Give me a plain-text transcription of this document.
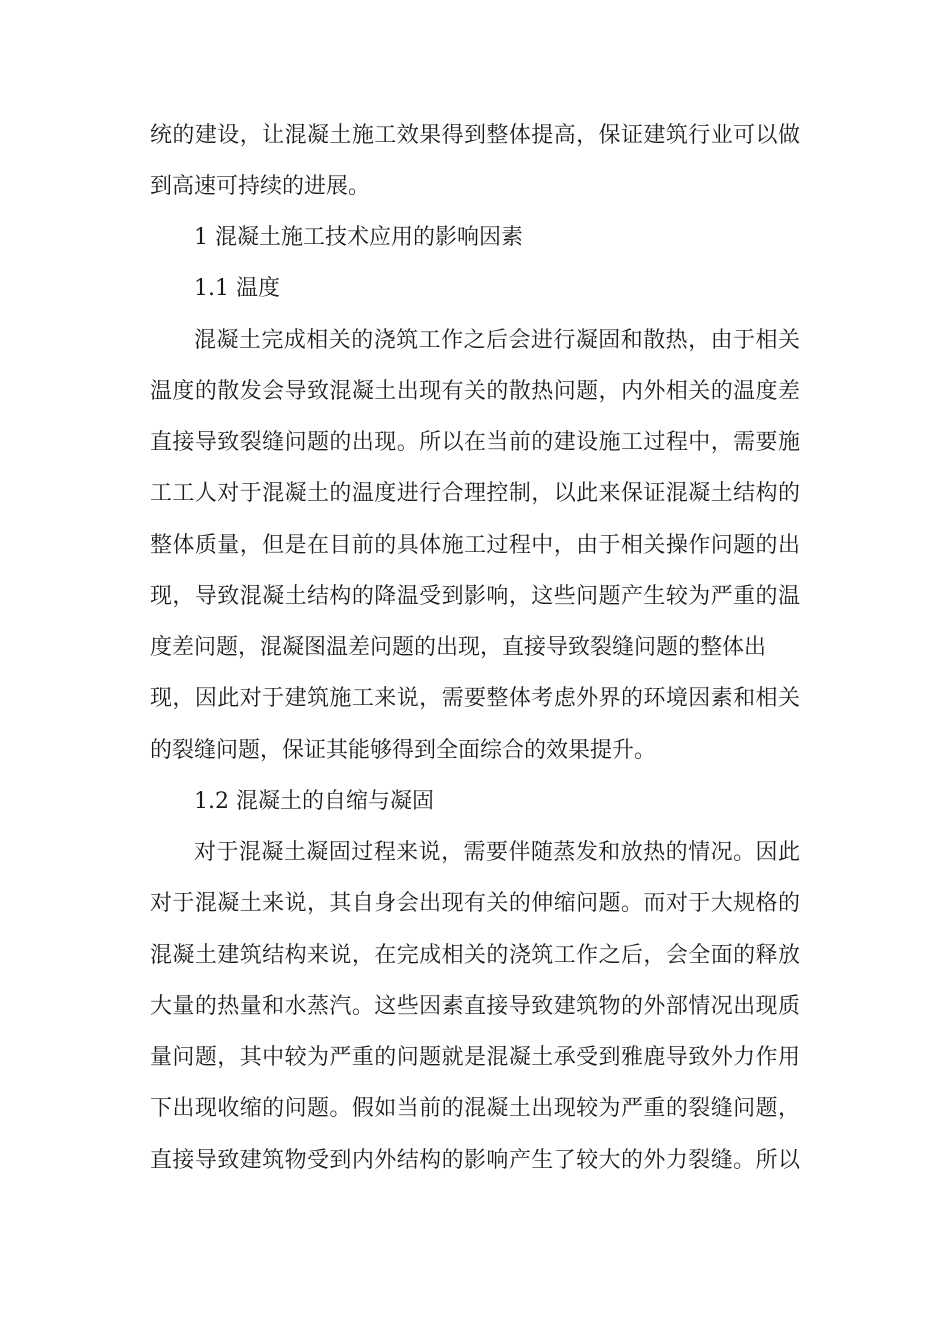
统的建设，让混凝土施工效果得到整体提高，保证建筑行业可以做
到高速可持续的进展。
1 混凝土施工技术应用的影响因素
1.1 温度
混凝土完成相关的浇筑工作之后会进行凝固和散热，由于相关
温度的散发会导致混凝土出现有关的散热问题，内外相关的温度差
直接导致裂缝问题的出现。所以在当前的建设施工过程中，需要施
工工人对于混凝土的温度进行合理控制，以此来保证混凝土结构的
整体质量，但是在目前的具体施工过程中，由于相关操作问题的出
现，导致混凝土结构的降温受到影响，这些问题产生较为严重的温
度差问题，混凝图温差问题的出现，直接导致裂缝问题的整体出
现，因此对于建筑施工来说，需要整体考虑外界的环境因素和相关
的裂缝问题，保证其能够得到全面综合的效果提升。
1.2 混凝土的自缩与凝固
对于混凝土凝固过程来说，需要伴随蒸发和放热的情况。因此
对于混凝土来说，其自身会出现有关的伸缩问题。而对于大规格的
混凝土建筑结构来说，在完成相关的浇筑工作之后，会全面的释放
大量的热量和水蒸汽。这些因素直接导致建筑物的外部情况出现质
量问题，其中较为严重的问题就是混凝土承受到雅鹿导致外力作用
下出现收缩的问题。假如当前的混凝土出现较为严重的裂缝问题，
直接导致建筑物受到内外结构的影响产生了较大的外力裂缝。所以
